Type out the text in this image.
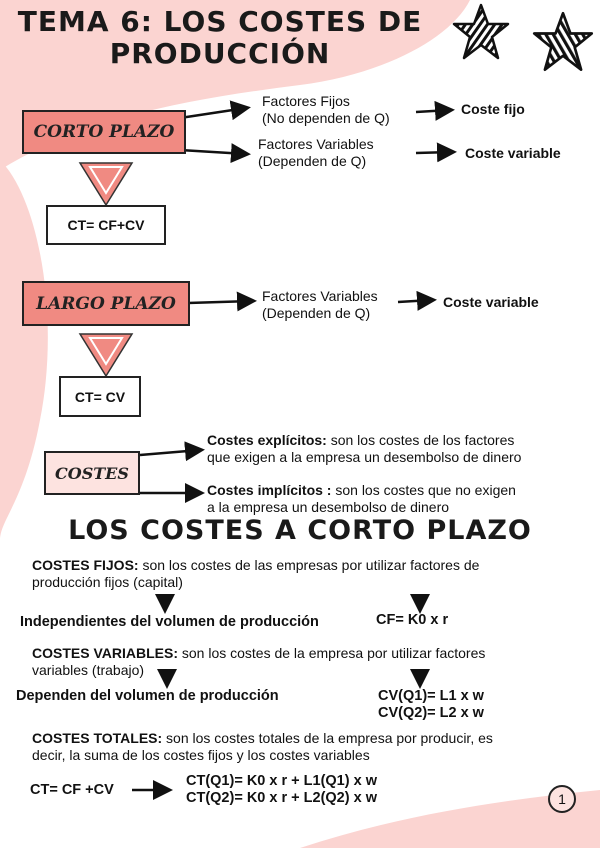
TEMA 6: LOS COSTES DE
PRODUCCIÓN
CORTO PLAZO
Factores Fijos
(No dependen de Q)
Coste fijo
Factores Variables
(Dependen de Q)	Coste variable
CT= CF+CV
LARGO PLAZO	Factores Variables
(Dependen de Q)
Coste variable
CT= CV
COSTES
Costes explícitos: son los costes de los factores
que exigen a la empresa un desembolso de dinero
Costes implícitos : son los costes que no exigen
a la empresa un desembolso de dinero
LOS COSTES A CORTO PLAZO
COSTES FIJOS: son los costes de las empresas por utilizar factores de
producción fijos (capital)
Independientes del volumen de producción	CF= K0 x r
COSTES VARIABLES: son los costes de la empresa por utilizar factores
variables (trabajo)
Dependen del volumen de producción	CV(Q1)= L1 x w
CV(Q2)= L2 x w
COSTES TOTALES: son los costes totales de la empresa por producir, es
decir, la suma de los costes fijos y los costes variables
CT= CF +CV
CT(Q1)= K0 x r + L1(Q1) x w
CT(Q2)= K0 x r + L2(Q2) x w	1
